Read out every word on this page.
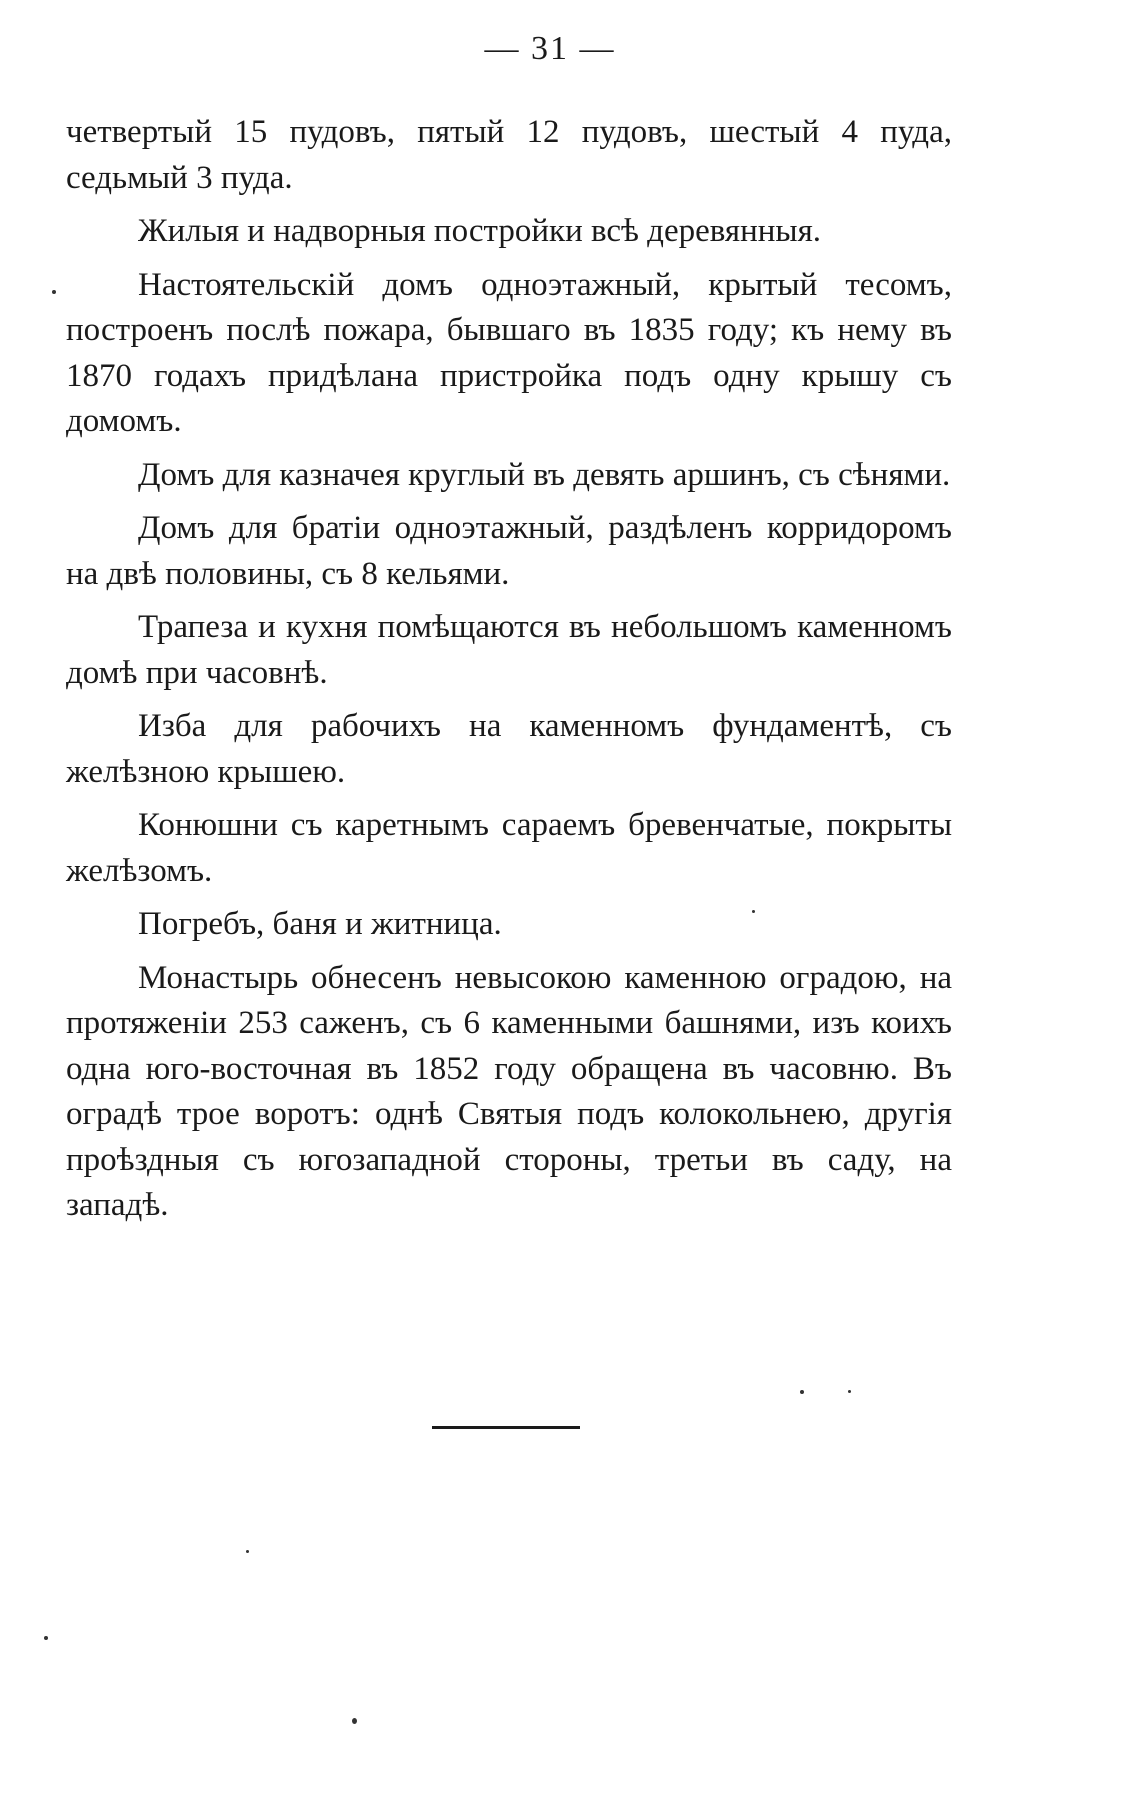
— 31 —

четвертый 15 пудовъ, пятый 12 пудовъ, шестый 4 пуда, седьмый 3 пуда.

Жилыя и надворныя постройки всѣ деревянныя.

Настоятельскій домъ одноэтажный, крытый тесомъ, построенъ послѣ пожара, бывшаго въ 1835 году; къ нему въ 1870 годахъ придѣлана пристройка подъ одну крышу съ домомъ.

Домъ для казначея круглый въ девять аршинъ, съ сѣнями.

Домъ для братіи одноэтажный, раздѣленъ корридоромъ на двѣ половины, съ 8 кельями.

Трапеза и кухня помѣщаются въ небольшомъ каменномъ домѣ при часовнѣ.

Изба для рабочихъ на каменномъ фундаментѣ, съ желѣзною крышею.

Конюшни съ каретнымъ сараемъ бревенчатые, покрыты желѣзомъ.

Погребъ, баня и житница.

Монастырь обнесенъ невысокою каменною оградою, на протяженіи 253 саженъ, съ 6 каменными башнями, изъ коихъ одна юго-восточная въ 1852 году обращена въ часовню. Въ оградѣ трое воротъ: однѣ Святыя подъ колокольнею, другія проѣздныя съ югозападной стороны, третьи въ саду, на западѣ.
